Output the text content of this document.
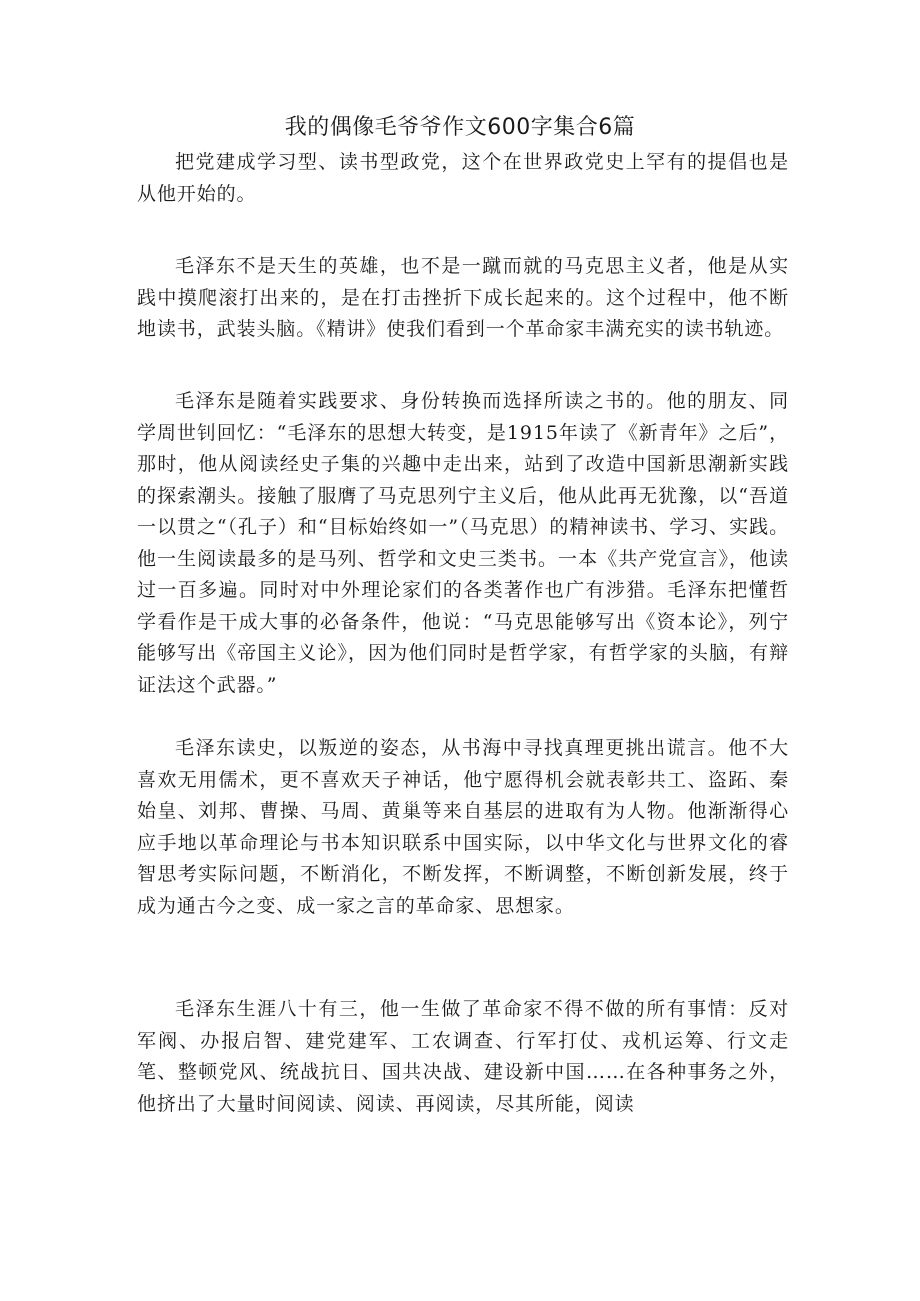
我的偶像毛爷爷作文600字集合6篇

把党建成学习型、读书型政党，这个在世界政党史上罕有的提倡也是从他开始的。

毛泽东不是天生的英雄，也不是一蹴而就的马克思主义者，他是从实践中摸爬滚打出来的，是在打击挫折下成长起来的。这个过程中，他不断地读书，武装头脑。《精讲》使我们看到一个革命家丰满充实的读书轨迹。

毛泽东是随着实践要求、身份转换而选择所读之书的。他的朋友、同学周世钊回忆：“毛泽东的思想大转变，是1915年读了《新青年》之后”，那时，他从阅读经史子集的兴趣中走出来，站到了改造中国新思潮新实践的探索潮头。接触了服膺了马克思列宁主义后，他从此再无犹豫，以“吾道一以贯之“（孔子）和“目标始终如一”（马克思）的精神读书、学习、实践。他一生阅读最多的是马列、哲学和文史三类书。一本《共产党宣言》，他读过一百多遍。同时对中外理论家们的各类著作也广有涉猎。毛泽东把懂哲学看作是干成大事的必备条件，他说：“马克思能够写出《资本论》，列宁能够写出《帝国主义论》，因为他们同时是哲学家，有哲学家的头脑，有辩证法这个武器。”

毛泽东读史，以叛逆的姿态，从书海中寻找真理更挑出谎言。他不大喜欢无用儒术，更不喜欢天子神话，他宁愿得机会就表彰共工、盗跖、秦始皇、刘邦、曹操、马周、黄巢等来自基层的进取有为人物。他渐渐得心应手地以革命理论与书本知识联系中国实际，以中华文化与世界文化的睿智思考实际问题，不断消化，不断发挥，不断调整，不断创新发展，终于成为通古今之变、成一家之言的革命家、思想家。

毛泽东生涯八十有三，他一生做了革命家不得不做的所有事情：反对军阀、办报启智、建党建军、工农调查、行军打仗、戎机运筹、行文走笔、整顿党风、统战抗日、国共决战、建设新中国……在各种事务之外，他挤出了大量时间阅读、阅读、再阅读，尽其所能，阅读
